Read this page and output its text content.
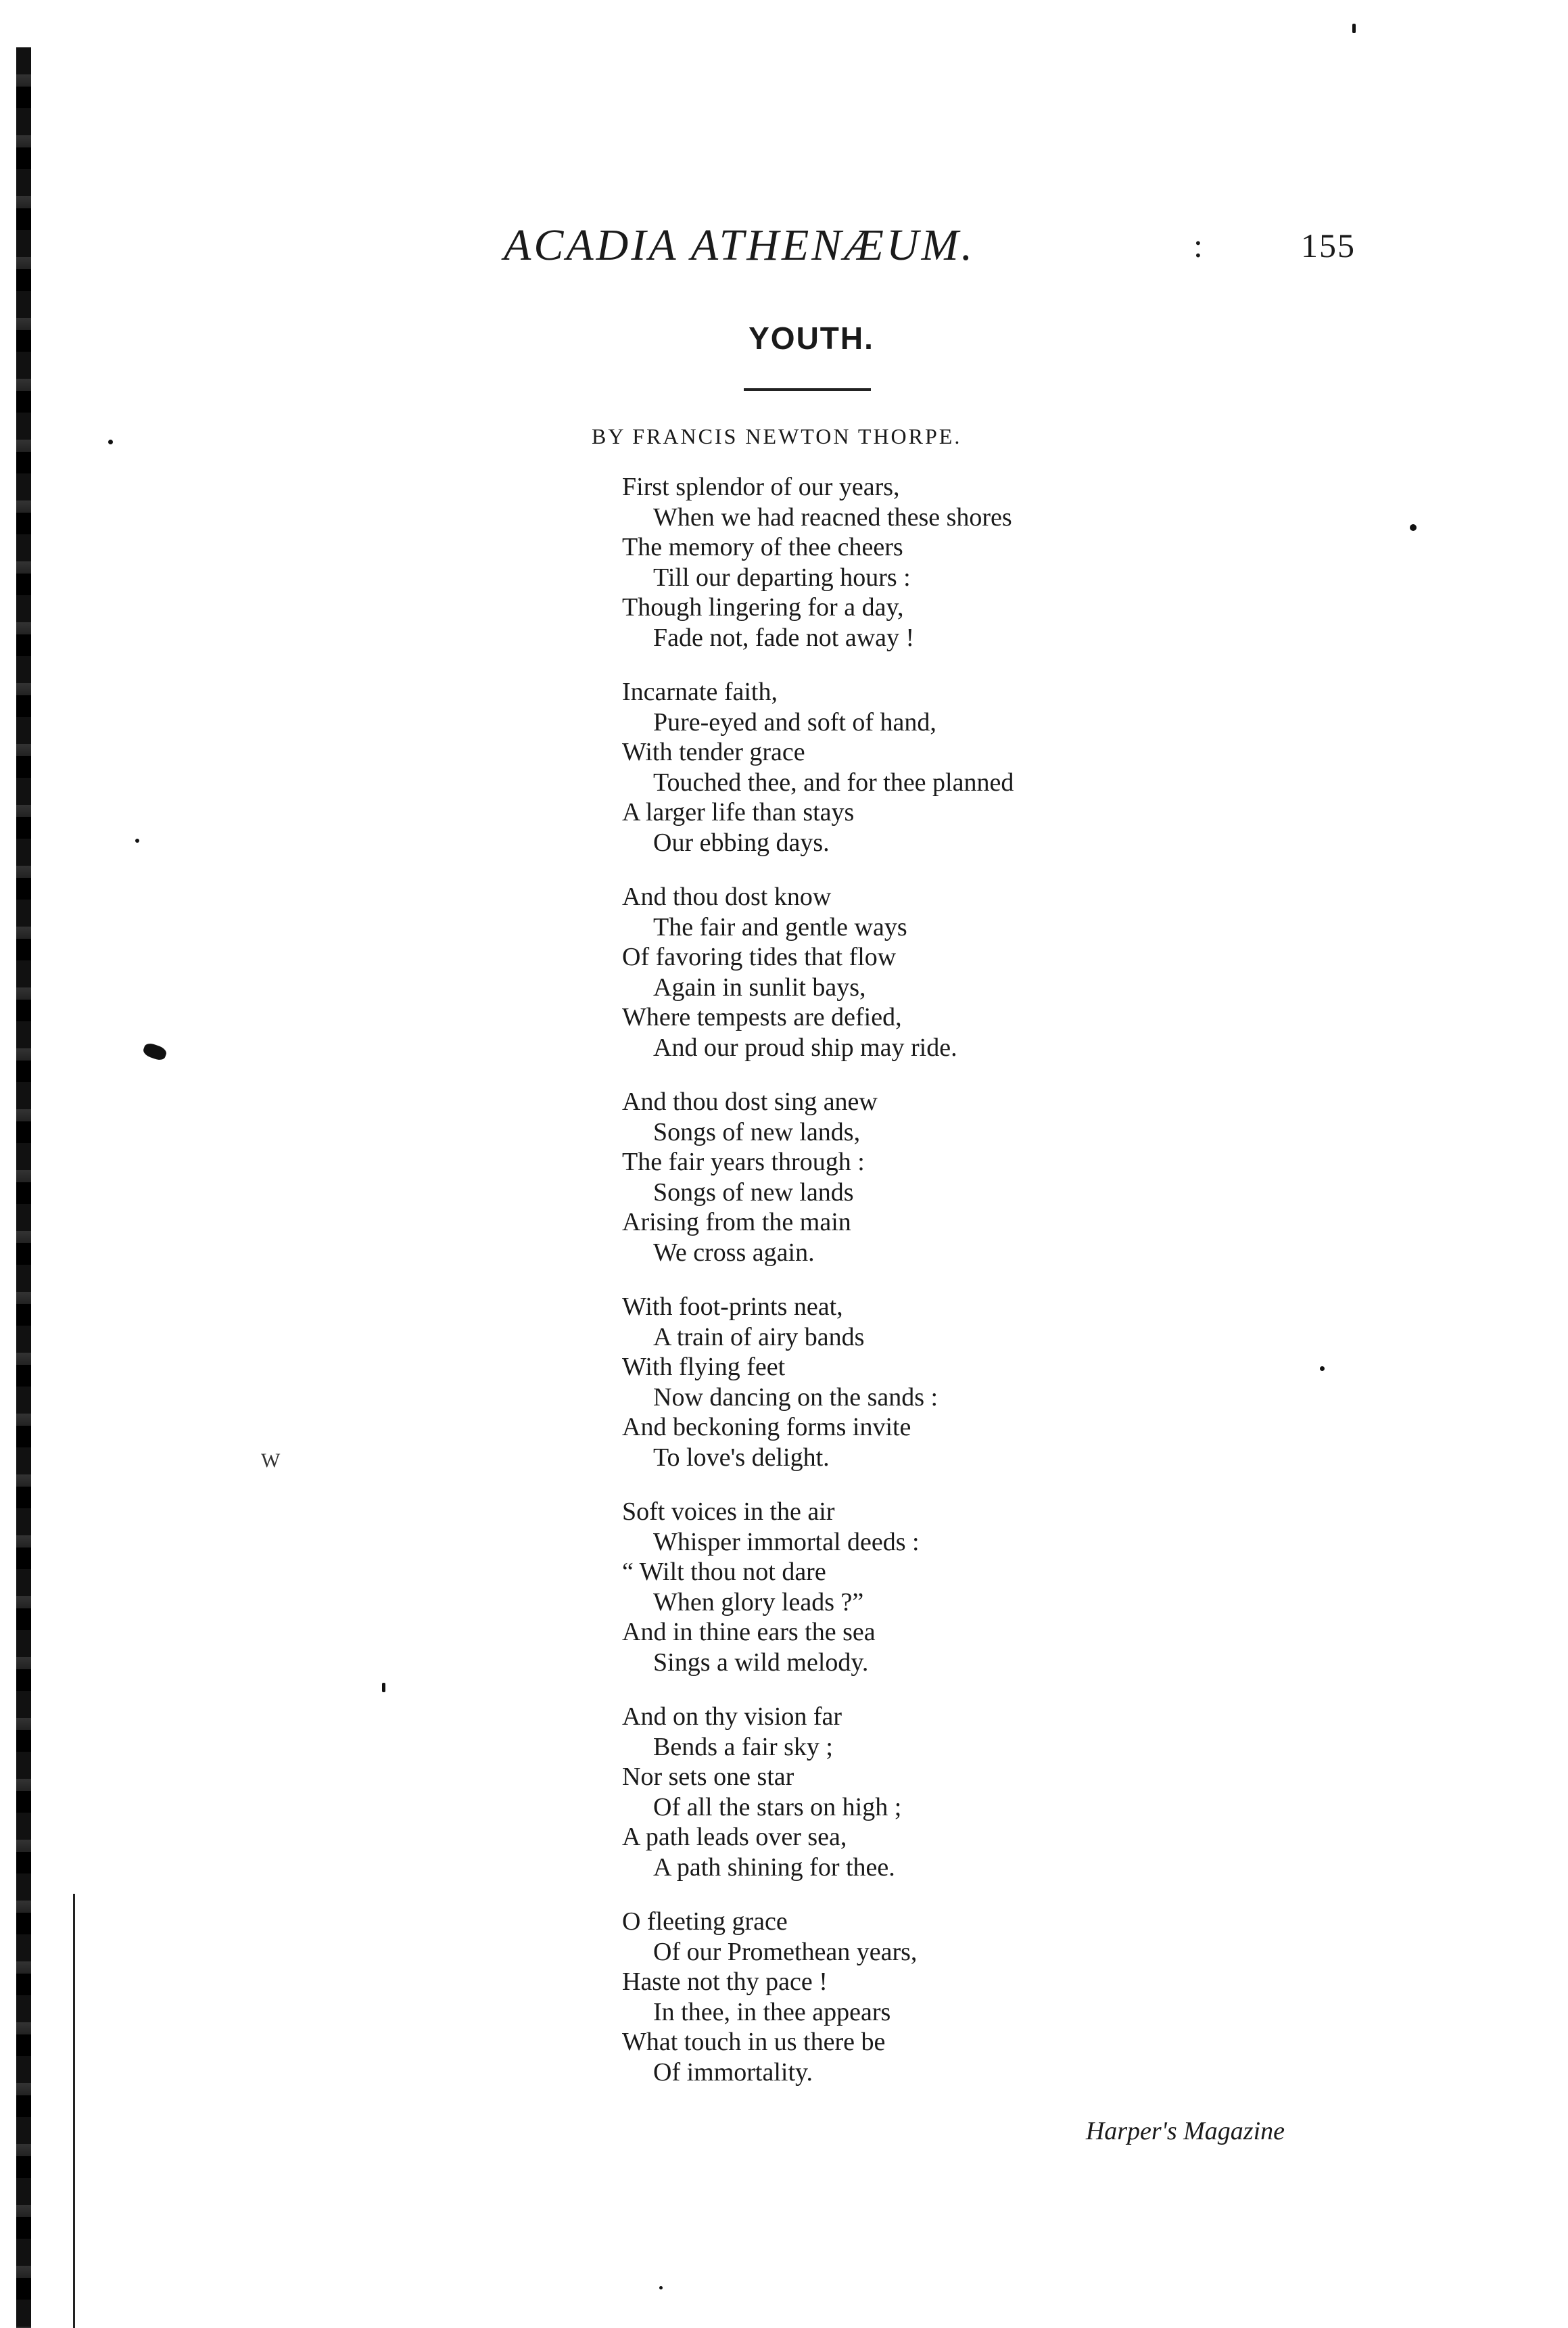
ACADIA ATHENÆUM.	:	155
YOUTH.
BY FRANCIS NEWTON THORPE.
First splendor of our years,
When we had reacned these shores
The memory of thee cheers
Till our departing hours :
Though lingering for a day,
Fade not, fade not away !
Incarnate faith,
Pure-eyed and soft of hand,
With tender grace
Touched thee, and for thee planned
A larger life than stays
Our ebbing days.
And thou dost know
The fair and gentle ways
Of favoring tides that flow
Again in sunlit bays,
Where tempests are defied,
And our proud ship may ride.
And thou dost sing anew
Songs of new lands,
The fair years through :
Songs of new lands
Arising from the main
We cross again.
With foot-prints neat,
A train of airy bands
With flying feet
Now dancing on the sands :
And beckoning forms invite
To love's delight.
Soft voices in the air
Whisper immortal deeds :
“ Wilt thou not dare
When glory leads ?”
And in thine ears the sea
Sings a wild melody.
And on thy vision far
Bends a fair sky ;
Nor sets one star
Of all the stars on high ;
A path leads over sea,
A path shining for thee.
O fleeting grace
Of our Promethean years,
Haste not thy pace !
In thee, in thee appears
What touch in us there be
Of immortality.
Harper's Magazine
W
